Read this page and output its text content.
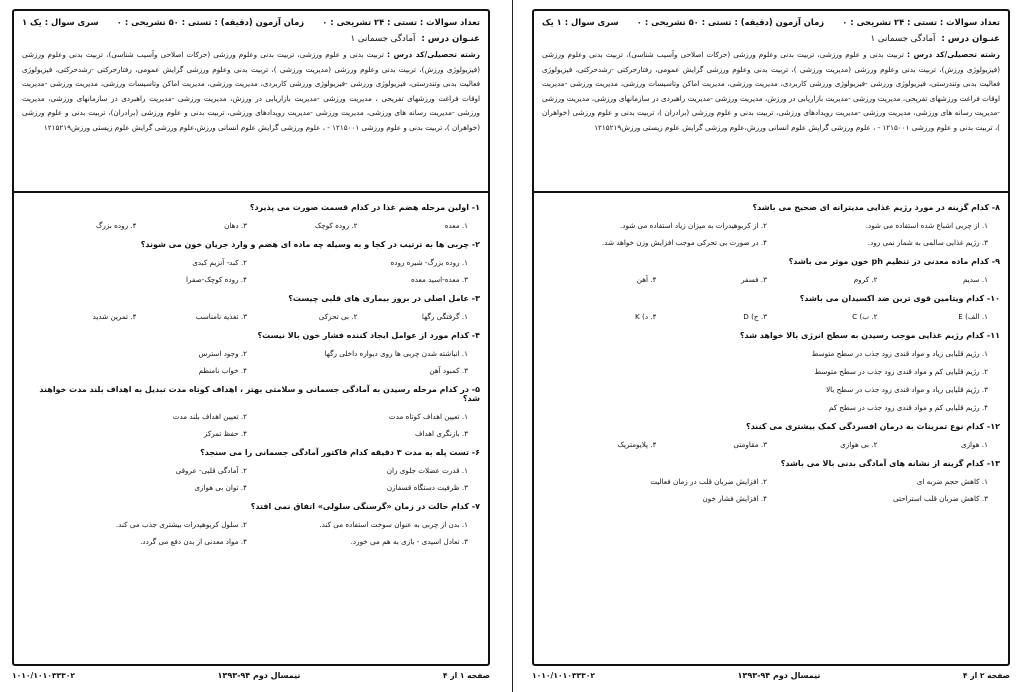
تعداد سوالات : تستی : ۲۴ تشریحی : ۰
زمان آزمون (دقیقه) : تستی : ۵۰ تشریحی : ۰
سری سوال : یک ۱
عنـوان درس : آمادگی جسمانی ۱
رشته تحصیلی/کد درس : تربیت بدنی و علوم ورزشی، تربیت بدنی وعلوم ورزشی (حرکات اصلاحی وآسیب شناسی)، تربیت بدنی وعلوم ورزشی (فیزیولوژی ورزش)، تربیت بدنی وعلوم ورزشی (مدیریت ورزشی )، تربیت بدنی وعلوم ورزشی گرایش عمومی، رفتارحرکتی -رشدحرکتی، فیزیولوژی فعالیت بدنی وتندرستی، فیزیولوژی ورزشی -فیزیولوژی ورزشی کاربردی، مدیریت ورزشی، مدیریت اماکن وتاسیسات ورزشی، مدیریت ورزشی -مدیریت اوقات فراغت ورزشهای تفریحی ، مدیریت ورزشی -مدیریت بازاریابی در ورزش، مدیریت ورزشی -مدیریت راهبردی در سازمانهای ورزشی، مدیریت ورزشی -مدیریت رسانه های ورزشی، مدیریت ورزشی -مدیریت رویدادهای ورزشی، تربیت بدنی و علوم ورزشی (برادران)، تربیت بدنی و علوم ورزشی (خواهران )، تربیت بدنی و علوم ورزشی ۱۲۱۵۰۰۱ - ، علوم ورزشی گرایش علوم انسانی ورزش،علوم ورزشی گرایش علوم زیستی ورزش۱۲۱۵۲۱۹
۱- اولین مرحله هضم غذا در کدام قسمت صورت می پذیرد؟
۱. معده
۲. روده کوچک
۳. دهان
۴. روده بزرگ
۲- چربی ها به ترتیب در کجا و به وسیله چه ماده ای هضم و وارد جریان خون می شوند؟
۱. روده بزرگ- شیره روده
۲. کبد- آنزیم کبدی
۳. معده-اسید معده
۴. روده کوچک-صفرا
۳- عامل اصلی در بروز بیماری های قلبی چیست؟
۱. گرفتگی رگها
۲. بی تحرکی
۳. تغذیه نامناسب
۴. تمرین شدید
۴- کدام مورد از عوامل ایجاد کننده فشار خون بالا نیست؟
۱. انباشته شدن چربی ها روی دیواره داخلی رگها
۲. وجود استرس
۳. کمبود آهن
۴. خواب نامنظم
۵- در کدام مرحله رسیدن به آمادگی جسمانی و سلامتی بهتر ، اهداف کوتاه مدت تبدیل به اهداف بلند مدت خواهند شد؟
۱. تعیین اهداف کوتاه مدت
۲. تعیین اهداف بلند مدت
۳. بازنگری اهداف
۴. حفظ تمرکز
۶- تست پله به مدت ۳ دقیقه کدام فاکتور آمادگی جسمانی را می سنجد؟
۱. قدرت عضلات جلوی ران
۲. آمادگی قلبی- عروقی
۳. ظرفیت دستگاه قسفازن
۴. توان بی هوازی
۷- کدام حالت در زمان «گرسنگی سلولی» اتفاق نمی افتد؟
۱. بدن از چربی به عنوان سوخت استفاده می کند.
۲. سلول کربوهیدرات بیشتری جذب می کند.
۳. تعادل اسیدی - بازی به هم می خورد.
۴. مواد معدنی از بدن دفع می گردد.
صفحه ۱ از ۴
نیمسال دوم ۹۴-۱۳۹۳
۱۰۱۰/۱۰۱۰۳۳۳۰۲
تعداد سوالات : تستی : ۲۴ تشریحی : ۰
زمان آزمون (دقیقه) : تستی : ۵۰ تشریحی : ۰
سری سوال : ۱ یک
عنـوان درس : آمادگی جسمانی ۱
رشته تحصیلی/کد درس : تربیت بدنی و علوم ورزشی، تربیت بدنی وعلوم ورزشی (حرکات اصلاحی وآسیب شناسی)، تربیت بدنی وعلوم ورزشی (فیزیولوژی ورزش)، تربیت بدنی وعلوم ورزشی (مدیریت ورزشی )، تربیت بدنی وعلوم ورزشی گرایش عمومی، رفتارحرکتی -رشدحرکتی، فیزیولوژی فعالیت بدنی وتندرستی، فیزیولوژی ورزشی -فیزیولوژی ورزشی کاربردی، مدیریت ورزشی، مدیریت اماکن وتاسیسات ورزشی، مدیریت ورزشی -مدیریت اوقات فراغت ورزشهای تفریحی، مدیریت ورزشی -مدیریت بازاریابی در ورزش، مدیریت ورزشی -مدیریت راهبردی در سازمانهای ورزشی، مدیریت ورزشی -مدیریت رسانه های ورزشی، مدیریت ورزشی -مدیریت رویدادهای ورزشی، تربیت بدنی و علوم ورزشی (برادران )، تربیت بدنی و علوم ورزشی (خواهران )، تربیت بدنی و علوم ورزشی ۱۲۱۵۰۰۱ - ، علوم ورزشی گرایش علوم انسانی ورزش،علوم ورزشی گرایش علوم زیستی ورزش۱۲۱۵۲۱۹
۸- کدام گزینه در مورد رژیم غذایی مدیترانه ای صحیح می باشد؟
۱. از چربی اشباع شده استفاده می شود.
۲. از کربوهیدرات به میزان زیاد استفاده می شود.
۳. رژیم غذایی سالمی به شمار نمی رود.
۴. در صورت بی تحرکی موجب افزایش وزن خواهد شد.
۹- کدام ماده معدنی در تنظیم ph خون موثر می باشد؟
۱. سدیم
۲. کروم
۳. فسفر
۴. آهن
۱۰- کدام ویتامین قوی ترین ضد اکسیدان می باشد؟
۱. الف) E
۲. ب) C
۳. ج) D
۴. د) K
۱۱- کدام رژیم غذایی موجب رسیدن به سطح انرژی بالا خواهد شد؟
۱. رژیم قلیایی زیاد و مواد قندی زود جذب در سطح متوسط
۲. رژیم قلیایی کم و مواد قندی زود جذب در سطح متوسط
۳. رژیم قلیایی زیاد و مواد قندی زود جذب در سطح بالا
۴. رژیم قلیایی کم و مواد قندی زود جذب در سطح کم
۱۲- کدام نوع تمرینات به درمان افسردگی کمک بیشتری می کنند؟
۱. هوازی
۲. بی هوازی
۳. مقاومتی
۴. پلایومتریک
۱۳- کدام گزینه از نشانه های آمادگی بدنی بالا می باشد؟
۱. کاهش حجم ضربه ای
۲. افزایش ضربان قلب در زمان فعالیت
۳. کاهش ضربان قلب استراحتی
۴. افزایش فشار خون
صفحه ۲ از ۴
نیمسال دوم ۹۴-۱۳۹۳
۱۰۱۰/۱۰۱۰۳۳۳۰۲
